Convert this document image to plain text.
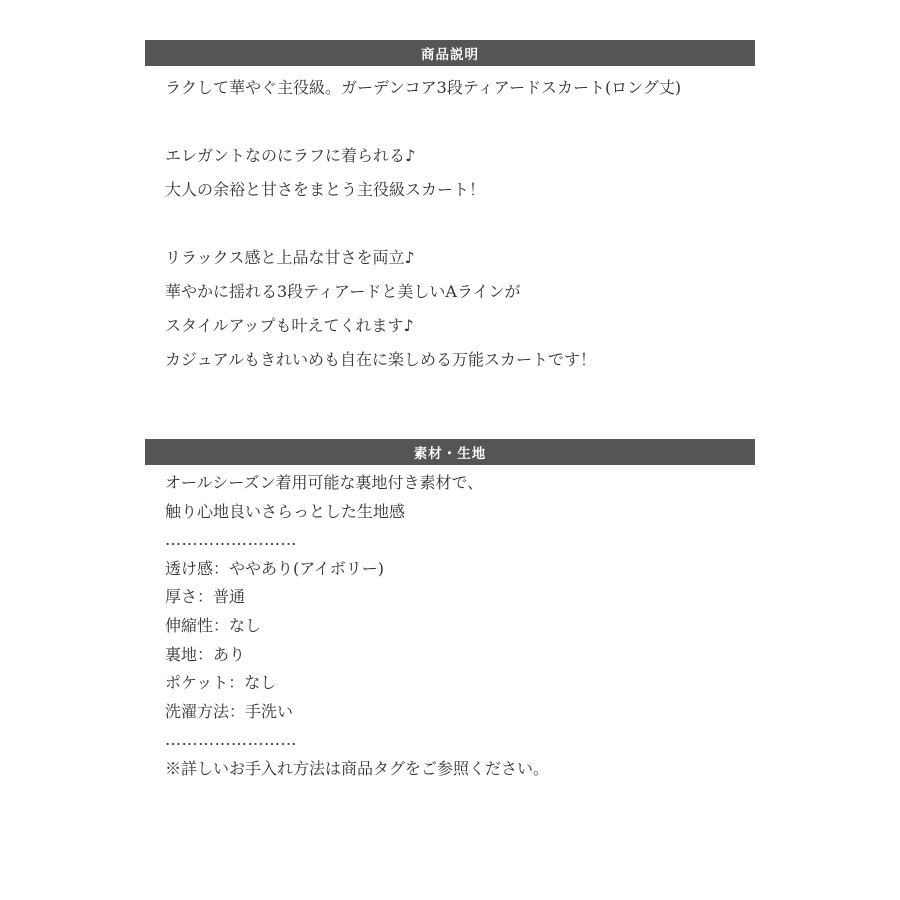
商品説明
ラクして華やぐ主役級。ガーデンコア3段ティアードスカート(ロング丈)
エレガントなのにラフに着られる♪
大人の余裕と甘さをまとう主役級スカート！
リラックス感と上品な甘さを両立♪
華やかに揺れる3段ティアードと美しいAラインが
スタイルアップも叶えてくれます♪
カジュアルもきれいめも自在に楽しめる万能スカートです！
素材・生地
オールシーズン着用可能な裏地付き素材で、
触り心地良いさらっとした生地感
……………………
透け感：ややあり(アイボリー)
厚さ：普通
伸縮性：なし
裏地：あり
ポケット：なし
洗濯方法：手洗い
……………………
※詳しいお手入れ方法は商品タグをご参照ください。
